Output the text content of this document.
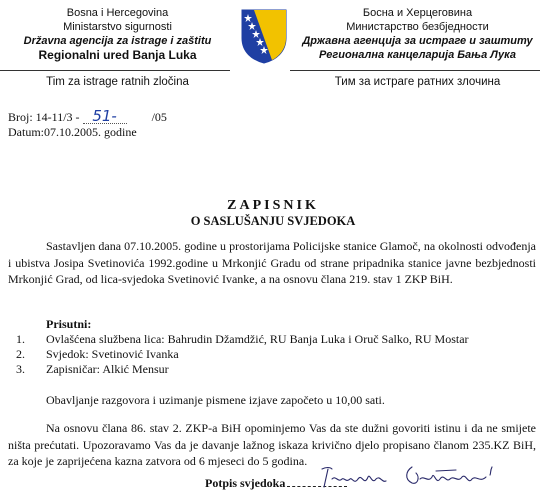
Bosna i Hercegovina
Ministarstvo sigurnosti
Državna agencija za istrage i zaštitu
Regionalni ured Banja Luka
Босна и Херцеговина
Министарство безбједности
Државна агенција за истраге и заштиту
Регионална канцеларија Бања Лука
Tim za istrage ratnih zločina	Тим за истраге ратних злочина
Broj: 14-11/3 - 51-	/05
Datum:07.10.2005. godine
ZAPISNIK
O SASLUŠANJU SVJEDOKA
Sastavljen dana 07.10.2005. godine u prostorijama Policijske stanice Glamoč, na okolnosti odvođenja i ubistva Josipa Svetinovića 1992.godine u Mrkonjić Gradu od strane pripadnika stanice javne bezbjednosti Mrkonjić Grad, od lica-svjedoka Svetinović Ivanke, a na osnovu člana 219. stav 1 ZKP BiH.
Prisutni:
1.	Ovlašćena službena lica: Bahrudin Džamdžić, RU Banja Luka i Oruč Salko, RU Mostar
2.	Svjedok: Svetinović Ivanka
3.	Zapisničar: Alkić Mensur
Obavljanje razgovora i uzimanje pismene izjave započeto u 10,00 sati.
Na osnovu člana 86. stav 2. ZKP-a BiH opominjemo Vas da ste dužni govoriti istinu i da ne smijete ništa prećutati. Upozoravamo Vas da je davanje lažnog iskaza krivično djelo propisano članom 235.KZ BiH, za koje je zaprijećena kazna zatvora od 6 mjeseci do 5 godina.
Potpis svjedoka
